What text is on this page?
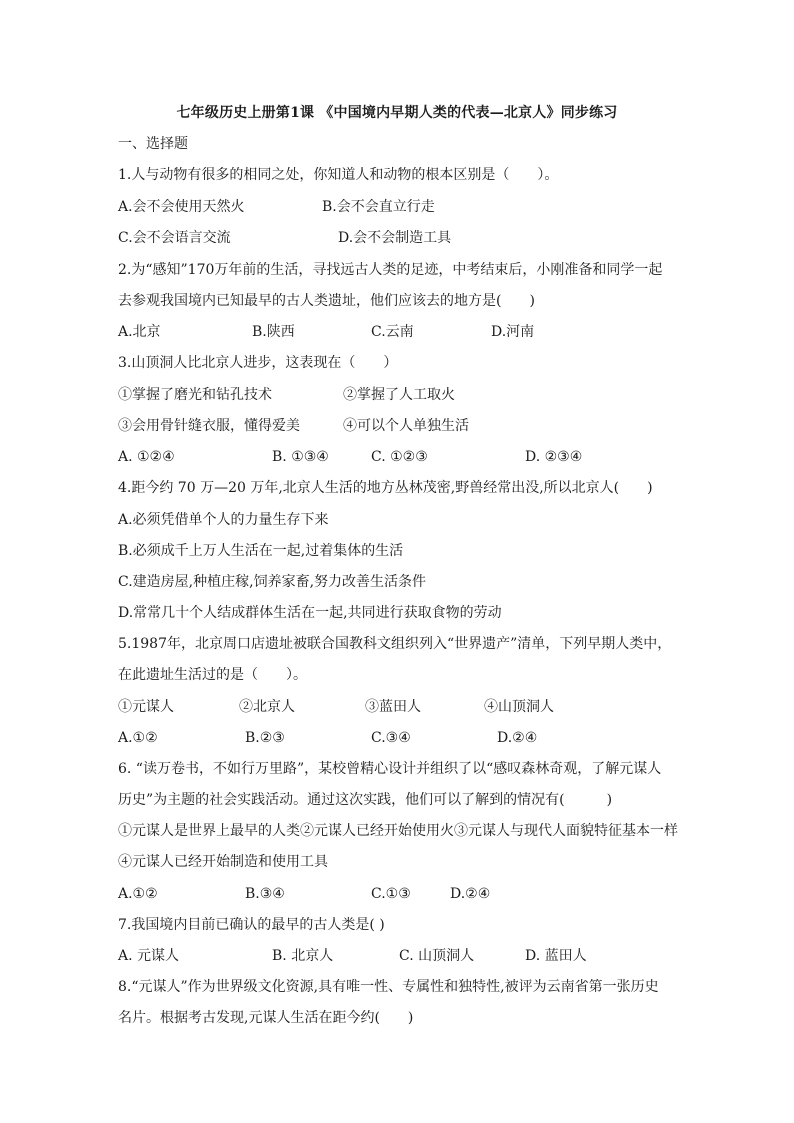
七年级历史上册第1课 《中国境内早期人类的代表—北京人》同步练习
一、选择题
1.人与动物有很多的相同之处，你知道人和动物的根本区别是（　　）。
A.会不会使用天然火	B.会不会直立行走
C.会不会语言交流	D.会不会制造工具
2.为“感知”170万年前的生活，寻找远古人类的足迹，中考结束后，小刚准备和同学一起
去参观我国境内已知最早的古人类遗址，他们应该去的地方是(　　)
A.北京	B.陕西	C.云南	D.河南
3.山顶洞人比北京人进步，这表现在（　　）
①掌握了磨光和钻孔技术	②掌握了人工取火
③会用骨针缝衣服，懂得爱美	④可以个人单独生活
A. ①②④	B. ①③④	C. ①②③	D. ②③④
4.距今约 70 万—20 万年,北京人生活的地方丛林茂密,野兽经常出没,所以北京人(　　)
A.必须凭借单个人的力量生存下来
B.必须成千上万人生活在一起,过着集体的生活
C.建造房屋,种植庄稼,饲养家畜,努力改善生活条件
D.常常几十个人结成群体生活在一起,共同进行获取食物的劳动
5.1987年，北京周口店遗址被联合国教科文组织列入“世界遗产”清单，下列早期人类中，
在此遗址生活过的是（　　）。
①元谋人	②北京人	③蓝田人	④山顶洞人
A.①②	B.②③	C.③④	D.②④
6. “读万卷书，不如行万里路”，某校曾精心设计并组织了以“感叹森林奇观，了解元谋人
历史”为主题的社会实践活动。通过这次实践，他们可以了解到的情况有(　　　)
①元谋人是世界上最早的人类②元谋人已经开始使用火③元谋人与现代人面貌特征基本一样
④元谋人已经开始制造和使用工具
A.①②	B.③④	C.①③	D.②④
7.我国境内目前已确认的最早的古人类是( )
A. 元谋人	B. 北京人	C. 山顶洞人	D. 蓝田人
8.“元谋人”作为世界级文化资源,具有唯一性、专属性和独特性,被评为云南省第一张历史
名片。根据考古发现,元谋人生活在距今约(　　)
